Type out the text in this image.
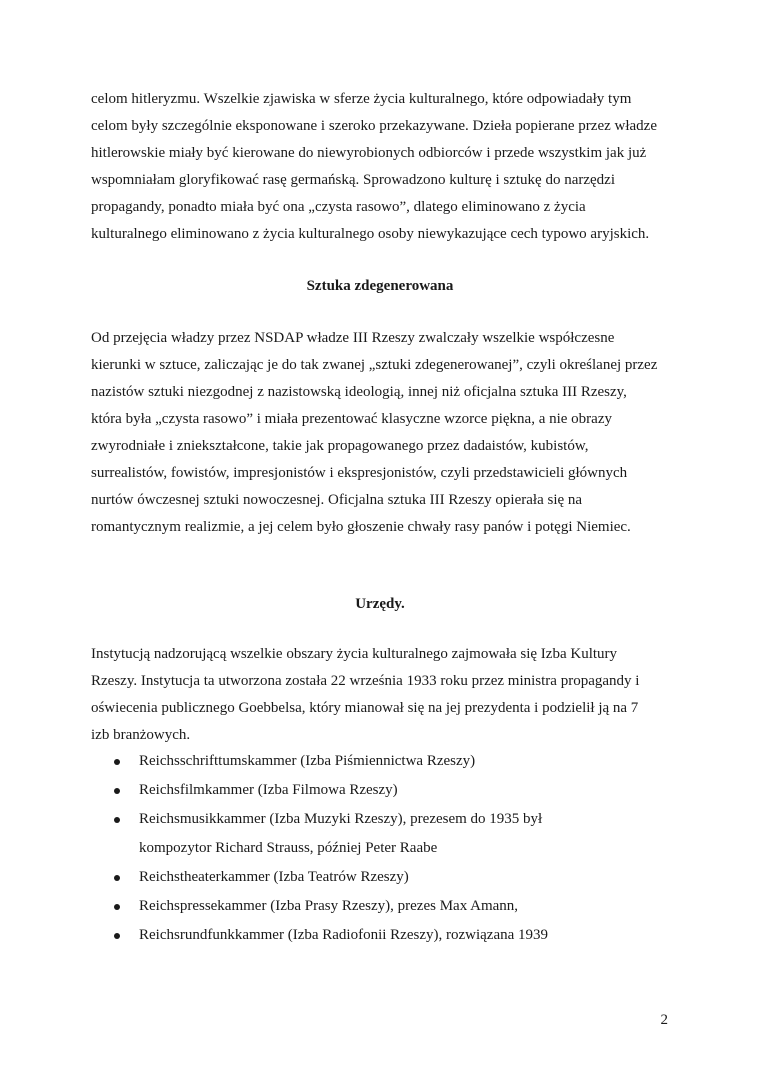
celom hitleryzmu. Wszelkie zjawiska w sferze życia kulturalnego, które odpowiadały tym
celom były szczególnie eksponowane i szeroko przekazywane. Dzieła popierane przez władze
hitlerowskie miały być kierowane do niewyrobionych odbiorców i przede wszystkim jak już
wspomniałam gloryfikować rasę germańską. Sprowadzono kulturę i sztukę do narzędzi
propagandy, ponadto miała być ona „czysta rasowo”, dlatego eliminowano z życia
kulturalnego eliminowano z życia kulturalnego osoby niewykazujące cech typowo aryjskich.
Sztuka zdegenerowana
Od przejęcia władzy przez NSDAP władze III Rzeszy zwalczały wszelkie współczesne
kierunki w sztuce, zaliczając je do tak zwanej „sztuki zdegenerowanej”, czyli określanej przez
nazistów sztuki niezgodnej z nazistowską ideologią, innej niż oficjalna sztuka III Rzeszy,
która była „czysta rasowo” i miała prezentować klasyczne wzorce piękna, a nie obrazy
zwyrodniałe i zniekształcone, takie jak propagowanego przez dadaistów, kubistów,
surrealistów, fowistów, impresjonistów i ekspresjonistów, czyli przedstawicieli głównych
nurtów ówczesnej sztuki nowoczesnej. Oficjalna sztuka III Rzeszy opierała się na
romantycznym realizmie, a jej celem było głoszenie chwały rasy panów i potęgi Niemiec.
Urzędy.
Instytucją nadzorującą wszelkie obszary życia kulturalnego zajmowała się Izba Kultury
Rzeszy. Instytucja ta utworzona została 22 września 1933 roku przez ministra propagandy i
oświecenia publicznego Goebbelsa, który mianował się na jej prezydenta i podzielił ją na 7
izb branżowych.
Reichsschrifttumskammer (Izba Piśmiennictwa Rzeszy)
Reichsfilmkammer (Izba Filmowa Rzeszy)
Reichsmusikkammer (Izba Muzyki Rzeszy), prezesem do 1935 był
kompozytor Richard Strauss, później Peter Raabe
Reichstheaterkammer (Izba Teatrów Rzeszy)
Reichspressekammer (Izba Prasy Rzeszy), prezes Max Amann,
Reichsrundfunkkammer (Izba Radiofonii Rzeszy), rozwiązana 1939
2
